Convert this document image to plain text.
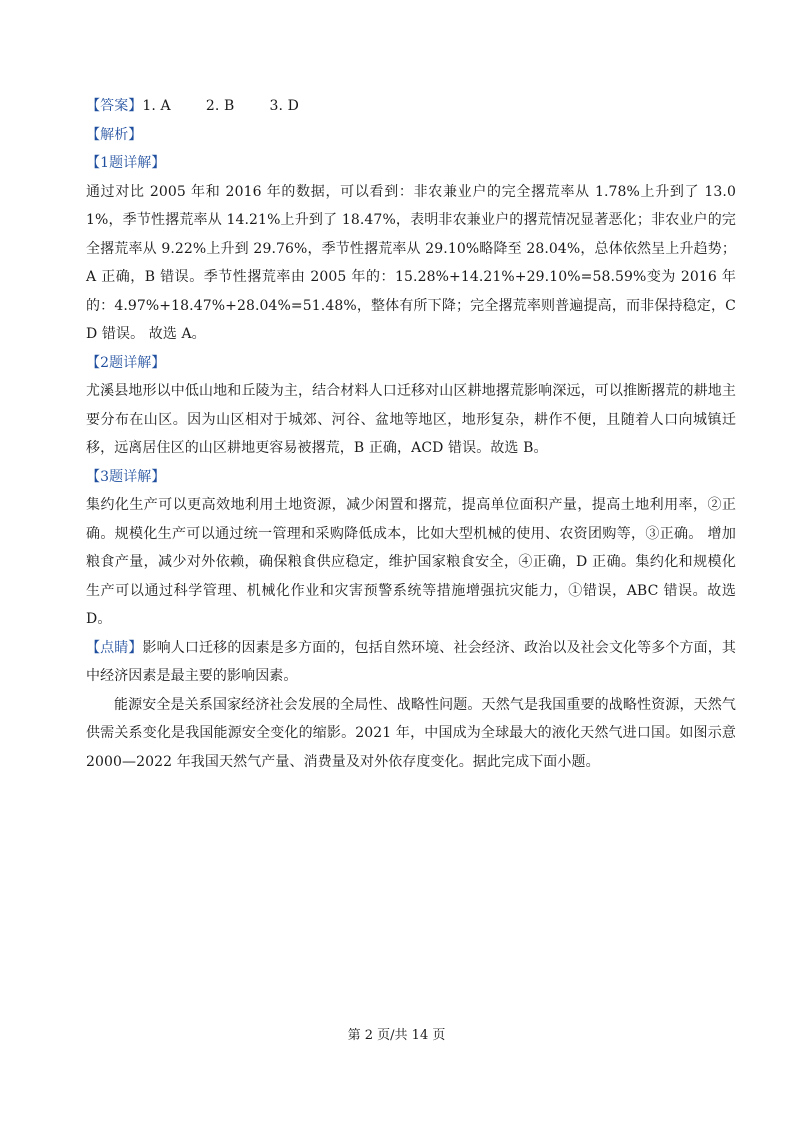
【答案】1. A	2. B	3. D

【解析】

【1题详解】

通过对比 2005 年和 2016 年的数据，可以看到：非农兼业户的完全撂荒率从 1.78%上升到了 13.01%，季节性撂荒率从 14.21%上升到了 18.47%，表明非农兼业户的撂荒情况显著恶化；非农业户的完全撂荒率从 9.22%上升到 29.76%，季节性撂荒率从 29.10%略降至 28.04%，总体依然呈上升趋势；A 正确，B 错误。季节性撂荒率由 2005 年的：15.28%+14.21%+29.10%=58.59%变为 2016 年的：4.97%+18.47%+28.04%=51.48%，整体有所下降；完全撂荒率则普遍提高，而非保持稳定，CD 错误。 故选 A。

【2题详解】

尤溪县地形以中低山地和丘陵为主，结合材料人口迁移对山区耕地撂荒影响深远，可以推断撂荒的耕地主要分布在山区。因为山区相对于城郊、河谷、盆地等地区，地形复杂，耕作不便，且随着人口向城镇迁移，远离居住区的山区耕地更容易被撂荒，B 正确，ACD 错误。故选 B。

【3题详解】

集约化生产可以更高效地利用土地资源，减少闲置和撂荒，提高单位面积产量，提高土地利用率，②正确。规模化生产可以通过统一管理和采购降低成本，比如大型机械的使用、农资团购等，③正确。 增加粮食产量，减少对外依赖，确保粮食供应稳定，维护国家粮食安全，④正确，D 正确。集约化和规模化生产可以通过科学管理、机械化作业和灾害预警系统等措施增强抗灾能力，①错误，ABC 错误。故选 D。

【点睛】影响人口迁移的因素是多方面的，包括自然环境、社会经济、政治以及社会文化等多个方面，其中经济因素是最主要的影响因素。

能源安全是关系国家经济社会发展的全局性、战略性问题。天然气是我国重要的战略性资源，天然气供需关系变化是我国能源安全变化的缩影。2021 年，中国成为全球最大的液化天然气进口国。如图示意 2000—2022 年我国天然气产量、消费量及对外依存度变化。据此完成下面小题。

第 2 页/共 14 页
